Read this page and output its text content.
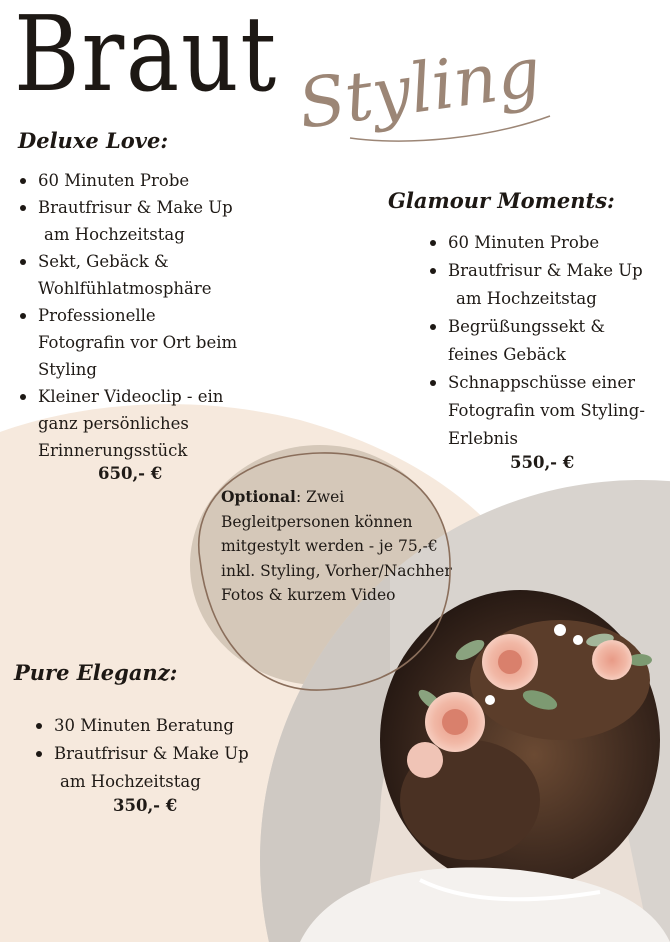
Braut Styling
Deluxe Love:
60 Minuten Probe
Brautfrisur & Make Up
am Hochzeitstag
Sekt, Gebäck &
Wohlfühlatmosphäre
Professionelle
Fotografin vor Ort beim
Styling
Kleiner Videoclip - ein
ganz persönliches
Erinnerungsstück
650,- €
Glamour Moments:
60 Minuten Probe
Brautfrisur & Make Up
am Hochzeitstag
Begrüßungssekt &
feines Gebäck
Schnappschüsse einer
Fotografin vom Styling-
Erlebnis
550,- €
Optional: Zwei Begleitpersonen können mitgestylt werden - je 75,-€ inkl. Styling, Vorher/Nachher Fotos & kurzem Video
Pure Eleganz:
30 Minuten Beratung
Brautfrisur & Make Up
am Hochzeitstag
350,- €
